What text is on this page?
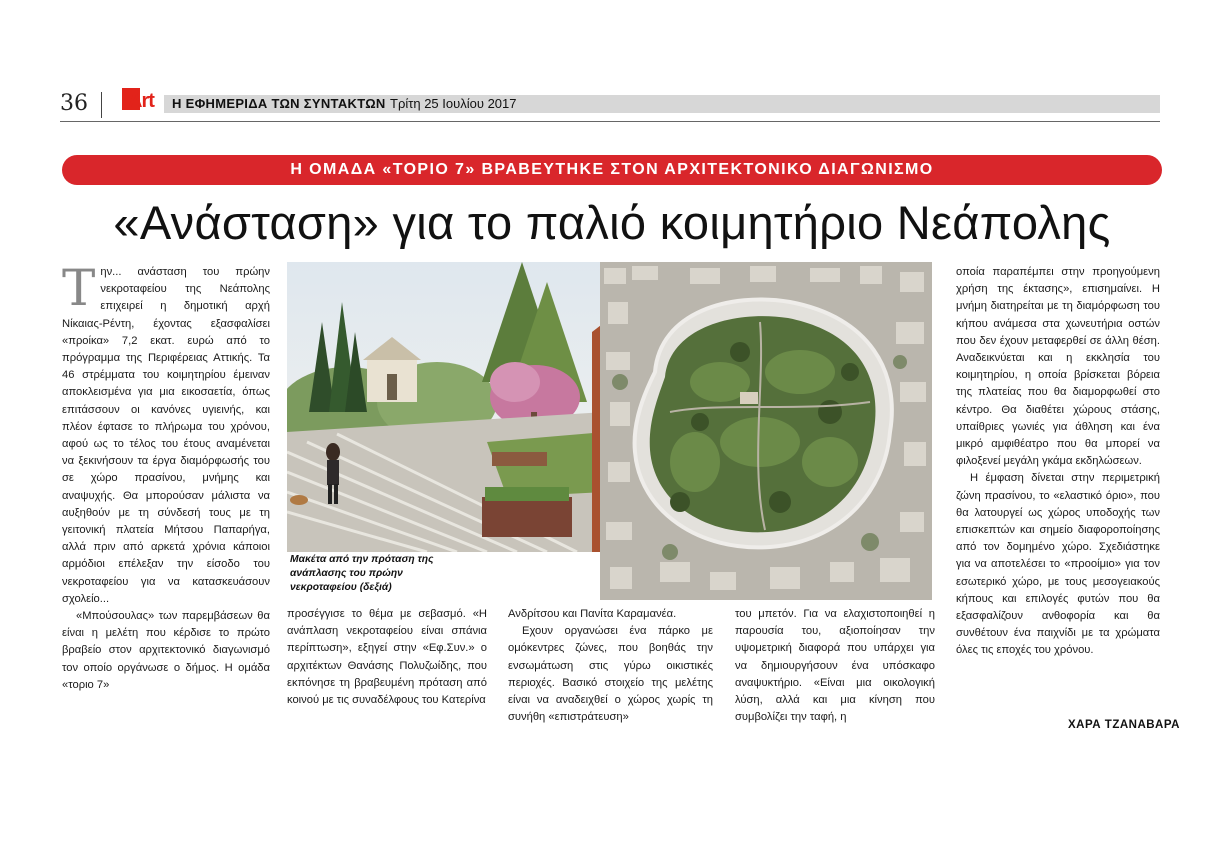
36 Art Η ΕΦΗΜΕΡΙΔΑ ΤΩΝ ΣΥΝΤΑΚΤΩΝ Τρίτη 25 Ιουλίου 2017
Η ΟΜΑΔΑ «ΤΟΡΙΟ 7» ΒΡΑΒΕΥΤΗΚΕ ΣΤΟΝ ΑΡΧΙΤΕΚΤΟΝΙΚΟ ΔΙΑΓΩΝΙΣΜΟ
«Ανάσταση» για το παλιό κοιμητήριο Νεάπολης

Την... ανάσταση του πρώην νεκροταφείου της Νεάπολης επιχειρεί η δημοτική αρχή Νίκαιας-Ρέντη, έχοντας εξασφαλίσει «προίκα» 7,2 εκατ. ευρώ από το πρόγραμμα της Περιφέρειας Αττικής. Τα 46 στρέμματα του κοιμητηρίου έμειναν αποκλεισμένα για μια εικοσαετία, όπως επιτάσσουν οι κανόνες υγιεινής, και πλέον έφτασε το πλήρωμα του χρόνου, αφού ως το τέλος του έτους αναμένεται να ξεκινήσουν τα έργα διαμόρφωσής του σε χώρο πρασίνου, μνήμης και αναψυχής. Θα μπορούσαν μάλιστα να αυξηθούν με τη σύνδεσή τους με τη γειτονική πλατεία Μήτσου Παπαρήγα, αλλά πριν από αρκετά χρόνια κάποιοι αρμόδιοι επέλεξαν την είσοδο του νεκροταφείου για να κατασκευάσουν σχολείο...

«Μπούσουλας» των παρεμβάσεων θα είναι η μελέτη που κέρδισε το πρώτο βραβείο στον αρχιτεκτονικό διαγωνισμό τον οποίο οργάνωσε ο δήμος. Η ομάδα «τοριο 7»

Μακέτα από την πρόταση της ανάπλασης του πρώην νεκροταφείου (δεξιά)

προσέγγισε το θέμα με σεβασμό. «Η ανάπλαση νεκροταφείου είναι σπάνια περίπτωση», εξηγεί στην «Εφ.Συν.» ο αρχιτέκτων Θανάσης Πολυζωίδης, που εκπόνησε τη βραβευμένη πρόταση από κοινού με τις συναδέλφους του Κατερίνα

Ανδρίτσου και Πανίτα Καραμανέα.

Εχουν οργανώσει ένα πάρκο με ομόκεντρες ζώνες, που βοηθάς την ενσωμάτωση στις γύρω οικιστικές περιοχές. Βασικό στοιχείο της μελέτης είναι να αναδειχθεί ο χώρος χωρίς τη συνήθη «επιστράτευση»

του μπετόν. Για να ελαχιστοποιηθεί η παρουσία του, αξιοποίησαν την υψομετρική διαφορά που υπάρχει για να δημιουργήσουν ένα υπόσκαφο αναψυκτήριο. «Είναι μια οικολογική λύση, αλλά και μια κίνηση που συμβολίζει την ταφή, η

οποία παραπέμπει στην προηγούμενη χρήση της έκτασης», επισημαίνει. Η μνήμη διατηρείται με τη διαμόρφωση του κήπου ανάμεσα στα χωνευτήρια οστών που δεν έχουν μεταφερθεί σε άλλη θέση. Αναδεικνύεται και η εκκλησία του κοιμητηρίου, η οποία βρίσκεται βόρεια της πλατείας που θα διαμορφωθεί στο κέντρο. Θα διαθέτει χώρους στάσης, υπαίθριες γωνιές για άθληση και ένα μικρό αμφιθέατρο που θα μπορεί να φιλοξενεί μεγάλη γκάμα εκδηλώσεων.

Η έμφαση δίνεται στην περιμετρική ζώνη πρασίνου, το «ελαστικό όριο», που θα λατουργεί ως χώρος υποδοχής των επισκεπτών και σημείο διαφοροποίησης από τον δομημένο χώρο. Σχεδιάστηκε για να αποτελέσει το «προοίμιο» για τον εσωτερικό χώρο, με τους μεσογειακούς κήπους και επιλογές φυτών που θα εξασφαλίζουν ανθοφορία και θα συνθέτουν ένα παιχνίδι με τα χρώματα όλες τις εποχές του χρόνου.

ΧΑΡΑ ΤΖΑΝΑΒΑΡΑ
